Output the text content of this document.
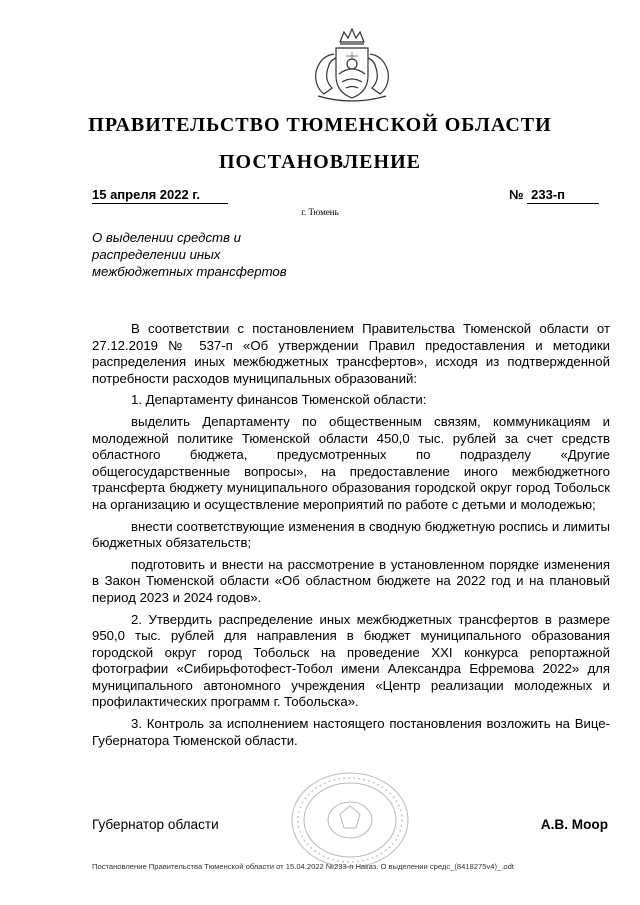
ПРАВИТЕЛЬСТВО ТЮМЕНСКОЙ ОБЛАСТИ
ПОСТАНОВЛЕНИЕ
15 апреля 2022 г.	№ 233-п
г. Тюмень
О выделении средств и
распределении иных
межбюджетных трансфертов

В соответствии с постановлением Правительства Тюменской области от 27.12.2019 № 537-п «Об утверждении Правил предоставления и методики распределения иных межбюджетных трансфертов», исходя из подтвержденной потребности расходов муниципальных образований:

1. Департаменту финансов Тюменской области:

выделить Департаменту по общественным связям, коммуникациям и молодежной политике Тюменской области 450,0 тыс. рублей за счет средств областного бюджета, предусмотренных по подразделу «Другие общегосударственные вопросы», на предоставление иного межбюджетного трансферта бюджету муниципального образования городской округ город Тобольск на организацию и осуществление мероприятий по работе с детьми и молодежью;

внести соответствующие изменения в сводную бюджетную роспись и лимиты бюджетных обязательств;

подготовить и внести на рассмотрение в установленном порядке изменения в Закон Тюменской области «Об областном бюджете на 2022 год и на плановый период 2023 и 2024 годов».

2. Утвердить распределение иных межбюджетных трансфертов в размере 950,0 тыс. рублей для направления в бюджет муниципального образования городской округ город Тобольск на проведение XXI конкурса репортажной фотографии «Сибирьфотофест-Тобол имени Александра Ефремова 2022» для муниципального автономного учреждения «Центр реализации молодежных и профилактических программ г. Тобольска».

3. Контроль за исполнением настоящего постановления возложить на Вице-Губернатора Тюменской области.

Губернатор области	А.В. Моор
Постановление Правительства Тюменской области от 15.04.2022 №233-п Наказ. О выделении средс_(8418275v4)_.odt
